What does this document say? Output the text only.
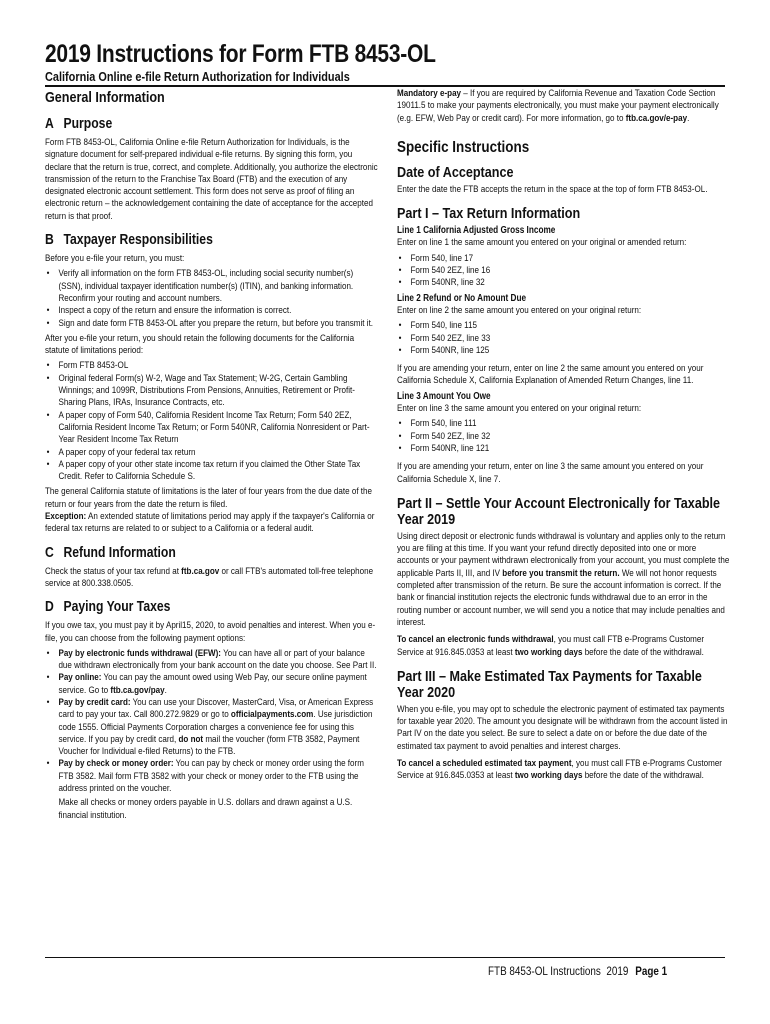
2019 Instructions for Form FTB 8453-OL
California Online e-file Return Authorization for Individuals
General Information
A Purpose

Form FTB 8453-OL, California Online e-file Return Authorization for Individuals, is the signature document for self-prepared individual e-file returns. By signing this form, you declare that the return is true, correct, and complete. Additionally, you authorize the electronic transmission of the return to the Franchise Tax Board (FTB) and the execution of any designated electronic account settlement. This form does not serve as proof of filing an electronic return – the acknowledgement containing the date of acceptance for the accepted return is that proof.

B Taxpayer Responsibilities

Before you e-file your return, you must:

• Verify all information on the form FTB 8453-OL, including social security number(s) (SSN), individual taxpayer identification number(s) (ITIN), and banking information. Reconfirm your routing and account numbers.
• Inspect a copy of the return and ensure the information is correct.
• Sign and date form FTB 8453-OL after you prepare the return, but before you transmit it.

After you e-file your return, you should retain the following documents for the California statute of limitations period:

• Form FTB 8453-OL
• Original federal Form(s) W-2, Wage and Tax Statement; W-2G, Certain Gambling Winnings; and 1099R, Distributions From Pensions, Annuities, Retirement or Profit-Sharing Plans, IRAs, Insurance Contracts, etc.
• A paper copy of Form 540, California Resident Income Tax Return; Form 540 2EZ, California Resident Income Tax Return; or Form 540NR, California Nonresident or Part-Year Resident Income Tax Return
• A paper copy of your federal tax return
• A paper copy of your other state income tax return if you claimed the Other State Tax Credit. Refer to California Schedule S.

The general California statute of limitations is the later of four years from the due date of the return or four years from the date the return is filed.
Exception: An extended statute of limitations period may apply if the taxpayer's California or federal tax returns are related to or subject to a California or a federal audit.

C Refund Information

Check the status of your tax refund at ftb.ca.gov or call FTB's automated toll-free telephone service at 800.338.0505.

D Paying Your Taxes

If you owe tax, you must pay it by April15, 2020, to avoid penalties and interest. When you e-file, you can choose from the following payment options:

• Pay by electronic funds withdrawal (EFW): You can have all or part of your balance due withdrawn electronically from your bank account on the date you choose. See Part II.
• Pay online: You can pay the amount owed using Web Pay, our secure online payment service. Go to ftb.ca.gov/pay.
• Pay by credit card: You can use your Discover, MasterCard, Visa, or American Express card to pay your tax. Call 800.272.9829 or go to officialpayments.com. Use jurisdiction code 1555. Official Payments Corporation charges a convenience fee for using this service. If you pay by credit card, do not mail the voucher (form FTB 3582, Payment Voucher for Individual e-filed Returns) to the FTB.
• Pay by check or money order: You can pay by check or money order using the form FTB 3582. Mail form FTB 3582 with your check or money order to the FTB using the address printed on the voucher.
Make all checks or money orders payable in U.S. dollars and drawn against a U.S. financial institution.

Mandatory e-pay – If you are required by California Revenue and Taxation Code Section 19011.5 to make your payments electronically, you must make your payment electronically (e.g. EFW, Web Pay or credit card). For more information, go to ftb.ca.gov/e-pay.

Specific Instructions
Date of Acceptance

Enter the date the FTB accepts the return in the space at the top of form FTB 8453-OL.

Part I – Tax Return Information
Line 1 California Adjusted Gross Income

Enter on line 1 the same amount you entered on your original or amended return:

• Form 540, line 17
• Form 540 2EZ, line 16
• Form 540NR, line 32
Line 2 Refund or No Amount Due

Enter on line 2 the same amount you entered on your original return:

• Form 540, line 115
• Form 540 2EZ, line 33
• Form 540NR, line 125

If you are amending your return, enter on line 2 the same amount you entered on your California Schedule X, California Explanation of Amended Return Changes, line 11.

Line 3 Amount You Owe

Enter on line 3 the same amount you entered on your original return:

• Form 540, line 111
• Form 540 2EZ, line 32
• Form 540NR, line 121

If you are amending your return, enter on line 3 the same amount you entered on your California Schedule X, line 7.

Part II – Settle Your Account Electronically for Taxable Year 2019

Using direct deposit or electronic funds withdrawal is voluntary and applies only to the return you are filing at this time. If you want your refund directly deposited into one or more accounts or your payment withdrawn electronically from your account, you must complete the applicable Parts II, III, and IV before you transmit the return. We will not honor requests completed after transmission of the return. Be sure the account information is correct. If the bank or financial institution rejects the electronic funds withdrawal due to an error in the routing number or account number, we will send you a notice that may include penalties and interest.

To cancel an electronic funds withdrawal, you must call FTB e-Programs Customer Service at 916.845.0353 at least two working days before the date of the withdrawal.

Part III – Make Estimated Tax Payments for Taxable Year 2020

When you e-file, you may opt to schedule the electronic payment of estimated tax payments for taxable year 2020. The amount you designate will be withdrawn from the account listed in Part IV on the date you select. Be sure to select a date on or before the due date of the estimated tax payment to avoid penalties and interest charges.

To cancel a scheduled estimated tax payment, you must call FTB e-Programs Customer Service at 916.845.0353 at least two working days before the date of the withdrawal.

FTB 8453-OL Instructions  2019 Page 1
